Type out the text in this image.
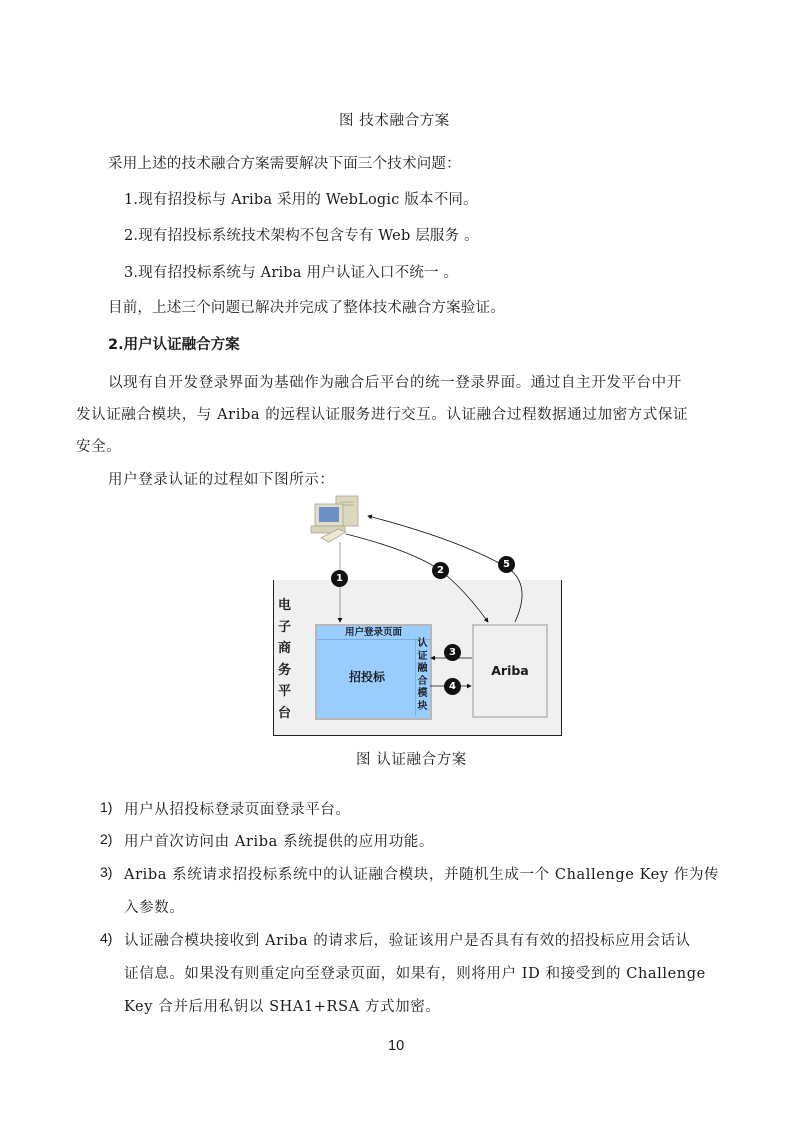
图 技术融合方案
采用上述的技术融合方案需要解决下面三个技术问题：
1.现有招投标与 Ariba 采用的 WebLogic 版本不同。
2.现有招投标系统技术架构不包含专有 Web 层服务 。
3.现有招投标系统与 Ariba 用户认证入口不统一 。
目前，上述三个问题已解决并完成了整体技术融合方案验证。
2.用户认证融合方案
以现有自开发登录界面为基础作为融合后平台的统一登录界面。通过自主开发平台中开
发认证融合模块，与 Ariba 的远程认证服务进行交互。认证融合过程数据通过加密方式保证
安全。
用户登录认证的过程如下图所示：
电
子
商
务
平
台
用户登录页面
招投标
认
证
融
合
模
块
Ariba
1
2
5
3
4
图 认证融合方案
1) 用户从招投标登录页面登录平台。
2) 用户首次访问由 Ariba 系统提供的应用功能。
3) Ariba 系统请求招投标系统中的认证融合模块，并随机生成一个 Challenge Key 作为传
入参数。
4) 认证融合模块接收到 Ariba 的请求后，验证该用户是否具有有效的招投标应用会话认
证信息。如果没有则重定向至登录页面，如果有，则将用户 ID 和接受到的 Challenge
Key 合并后用私钥以 SHA1+RSA 方式加密。
10
